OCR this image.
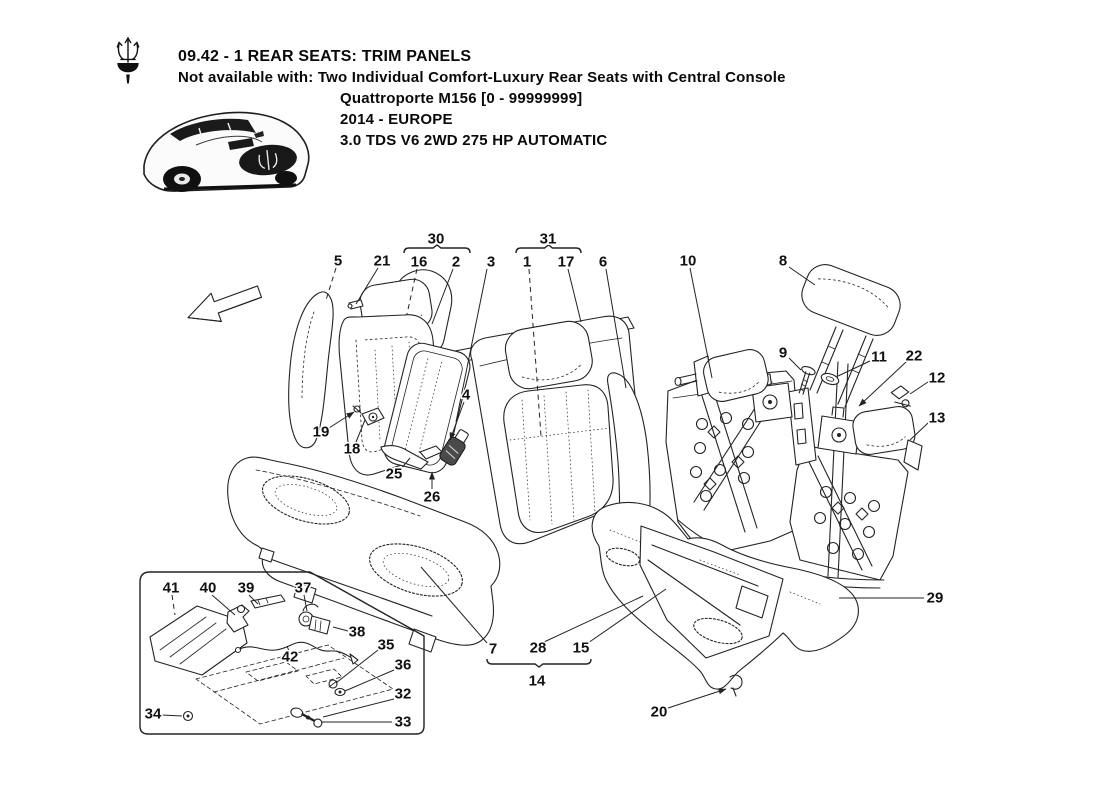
09.42 - 1 REAR SEATS: TRIM PANELS
Not available with: Two Individual Comfort-Luxury Rear Seats with Central Console
Quattroporte M156 [0 - 99999999]
2014 - EUROPE
3.0 TDS V6 2WD 275 HP AUTOMATIC
5 21 16 2 3 1 17 6	10	8
9	11 22
12
13
19
18
25
4
26
7 28 15
20
29
41 40 39	37
38
42
35
36
32
33
34
30	31
14
